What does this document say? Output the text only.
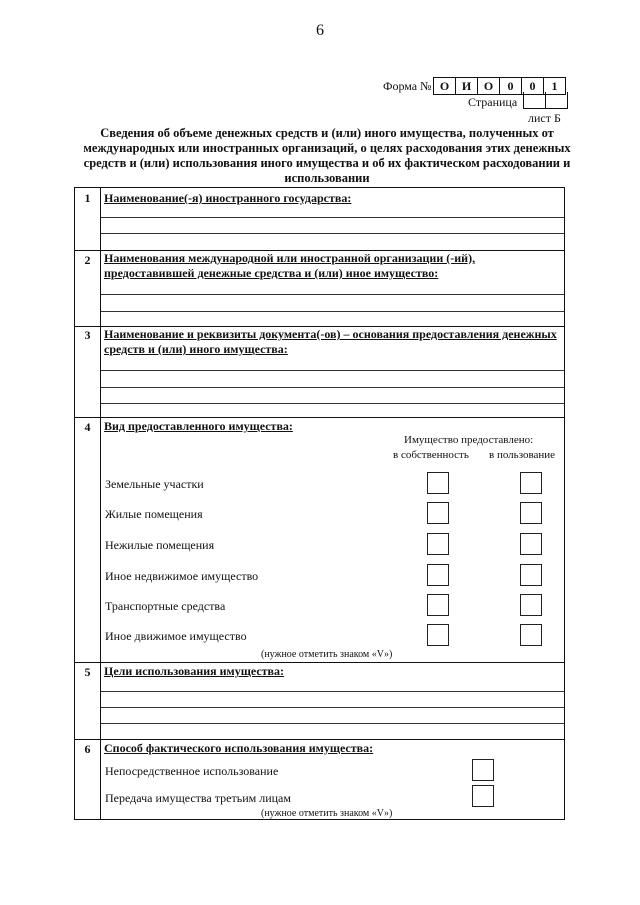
6
Форма № О	И	О	0	0	1
Страница
лист Б
Сведения об объеме денежных средств и (или) иного имущества, полученных от международных или иностранных организаций, о целях расходования этих денежных средств и (или) использования иного имущества и об их фактическом расходовании и использовании
1	Наименование(-я) иностранного государства:
2	Наименования международной или иностранной организации (-ий), предоставившей денежные средства и (или) иное имущество:
3	Наименование и реквизиты документа(-ов) – основания предоставления денежных средств и (или) иного имущества:
4	Вид предоставленного имущества:
Имущество предоставлено:
в собственность в пользование
Земельные участки
Жилые помещения
Нежилые помещения
Иное недвижимое имущество
Транспортные средства
Иное движимое имущество
(нужное отметить знаком «V»)
5	Цели использования имущества:
6	Способ фактического использования имущества:
Непосредственное использование
Передача имущества третьим лицам
(нужное отметить знаком «V»)
